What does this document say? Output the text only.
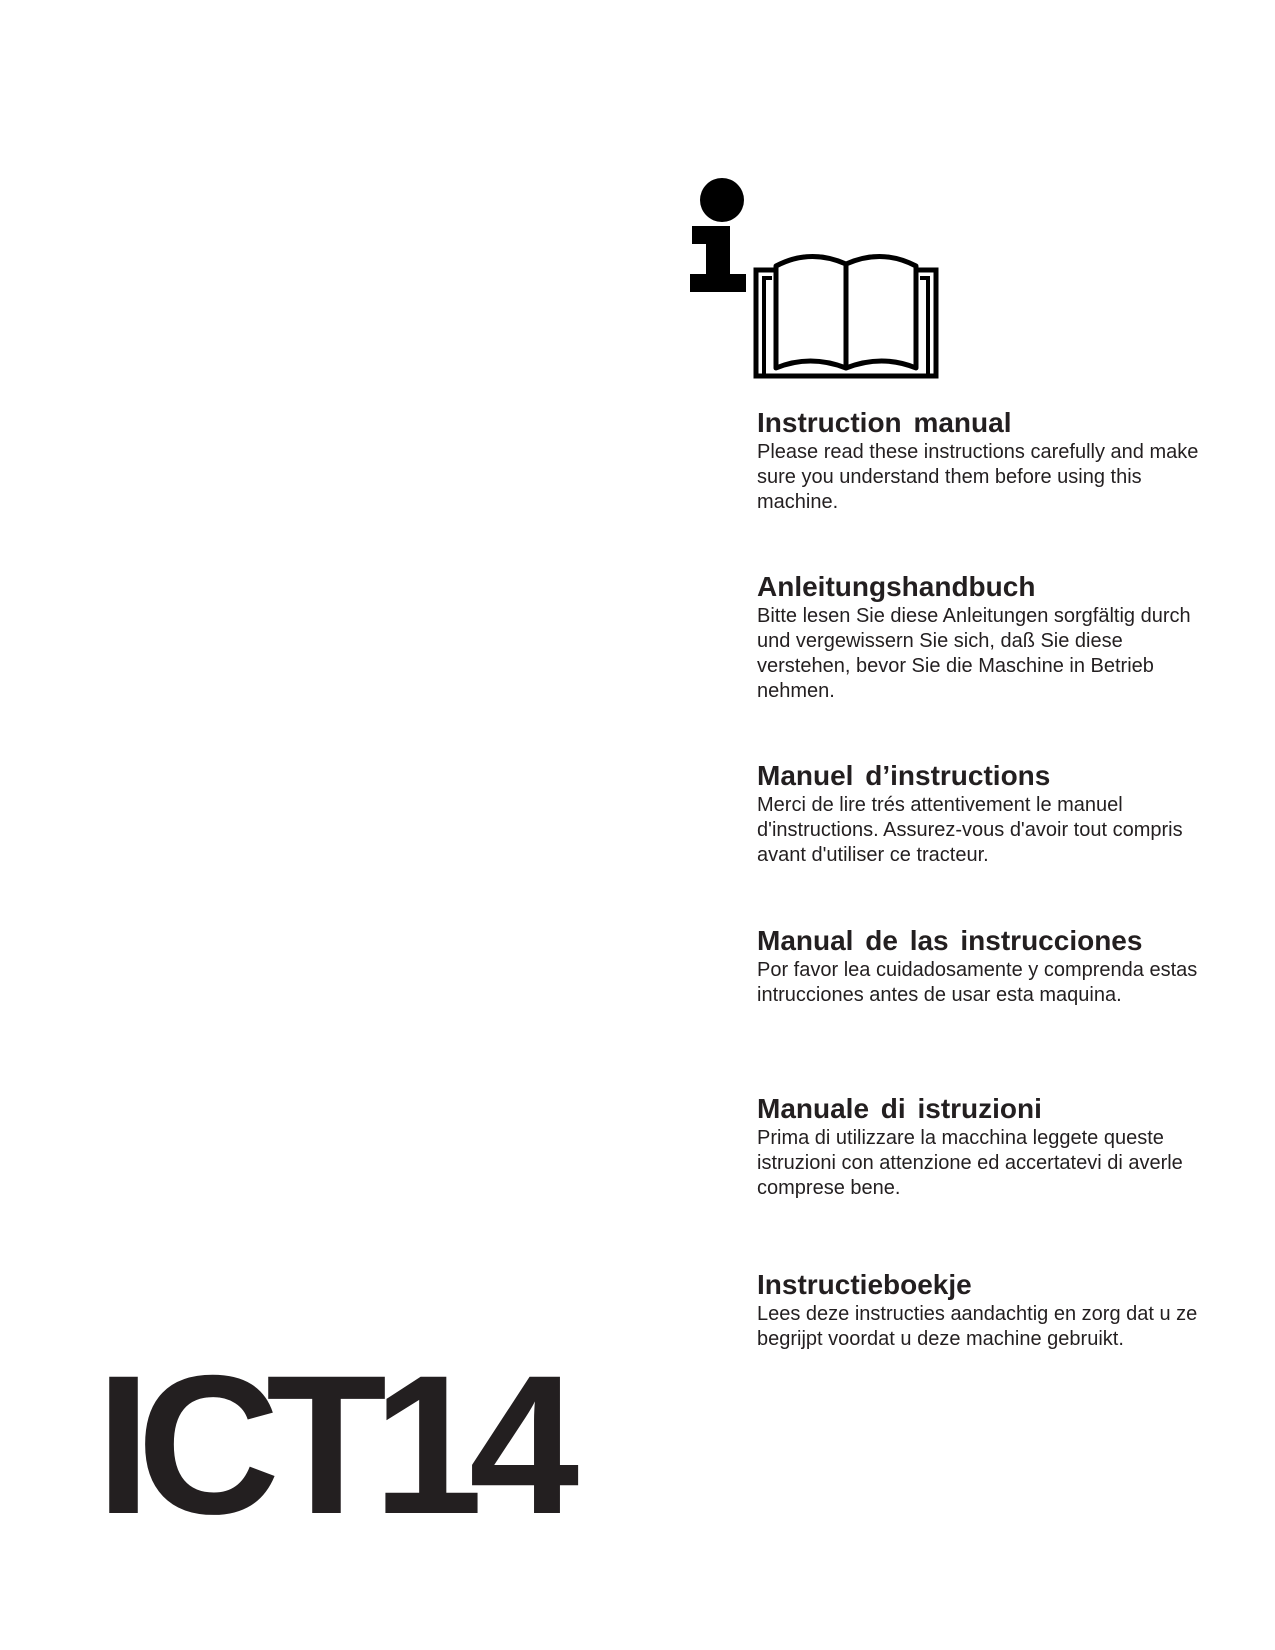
Instruction manual

Please read these instructions carefully and make sure you understand them before using this machine.

Anleitungshandbuch

Bitte lesen Sie diese Anleitungen sorgfältig durch und vergewissern Sie sich, daß Sie diese verstehen, bevor Sie die Maschine in Betrieb nehmen.

Manuel d’instructions

Merci de lire trés attentivement le manuel d'instructions. Assurez-vous d'avoir tout compris avant d'utiliser ce tracteur.

Manual de las instrucciones

Por favor lea cuidadosamente y comprenda estas intrucciones antes de usar esta maquina.

Manuale di istruzioni

Prima di utilizzare la macchina leggete queste istruzioni con attenzione ed accertatevi di averle comprese bene.

Instructieboekje

Lees deze instructies aandachtig en zorg dat u ze begrijpt voordat u deze machine gebruikt.

ICT14
